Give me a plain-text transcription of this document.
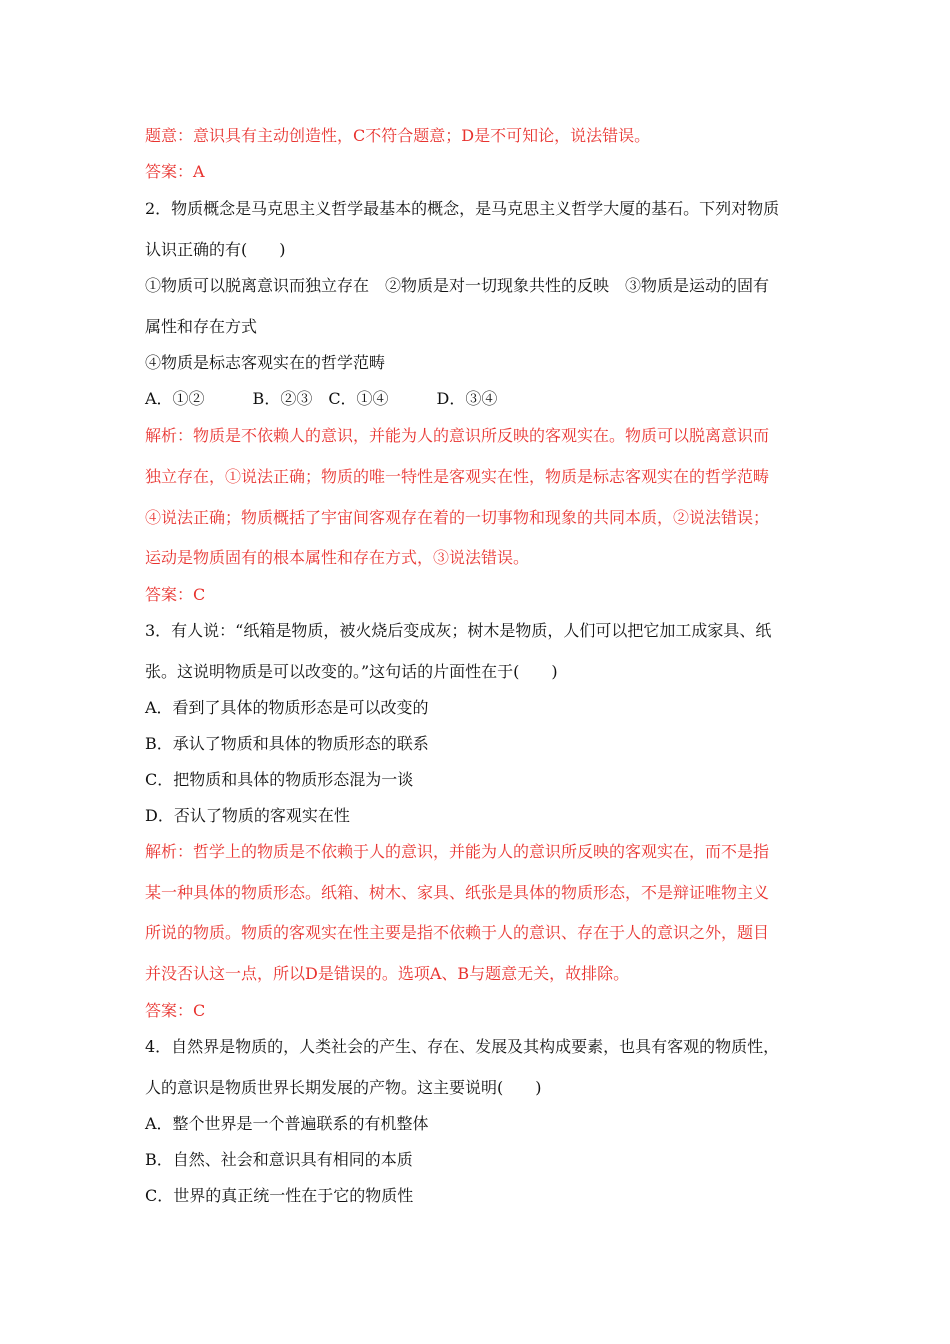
题意：意识具有主动创造性，C不符合题意；D是不可知论，说法错误。
答案：A
2．物质概念是马克思主义哲学最基本的概念，是马克思主义哲学大厦的基石。下列对物质
认识正确的有(　　)
①物质可以脱离意识而独立存在　②物质是对一切现象共性的反映　③物质是运动的固有
属性和存在方式
④物质是标志客观实在的哲学范畴
A．①②　　　B．②③　C．①④　　　D．③④
解析：物质是不依赖人的意识，并能为人的意识所反映的客观实在。物质可以脱离意识而
独立存在，①说法正确；物质的唯一特性是客观实在性，物质是标志客观实在的哲学范畴
④说法正确；物质概括了宇宙间客观存在着的一切事物和现象的共同本质，②说法错误；
运动是物质固有的根本属性和存在方式，③说法错误。
答案：C
3．有人说：“纸箱是物质，被火烧后变成灰；树木是物质，人们可以把它加工成家具、纸
张。这说明物质是可以改变的。”这句话的片面性在于(　　)
A．看到了具体的物质形态是可以改变的
B．承认了物质和具体的物质形态的联系
C．把物质和具体的物质形态混为一谈
D．否认了物质的客观实在性
解析：哲学上的物质是不依赖于人的意识，并能为人的意识所反映的客观实在，而不是指
某一种具体的物质形态。纸箱、树木、家具、纸张是具体的物质形态，不是辩证唯物主义
所说的物质。物质的客观实在性主要是指不依赖于人的意识、存在于人的意识之外，题目
并没否认这一点，所以D是错误的。选项A、B与题意无关，故排除。
答案：C
4．自然界是物质的，人类社会的产生、存在、发展及其构成要素，也具有客观的物质性，
人的意识是物质世界长期发展的产物。这主要说明(　　)
A．整个世界是一个普遍联系的有机整体
B．自然、社会和意识具有相同的本质
C．世界的真正统一性在于它的物质性
